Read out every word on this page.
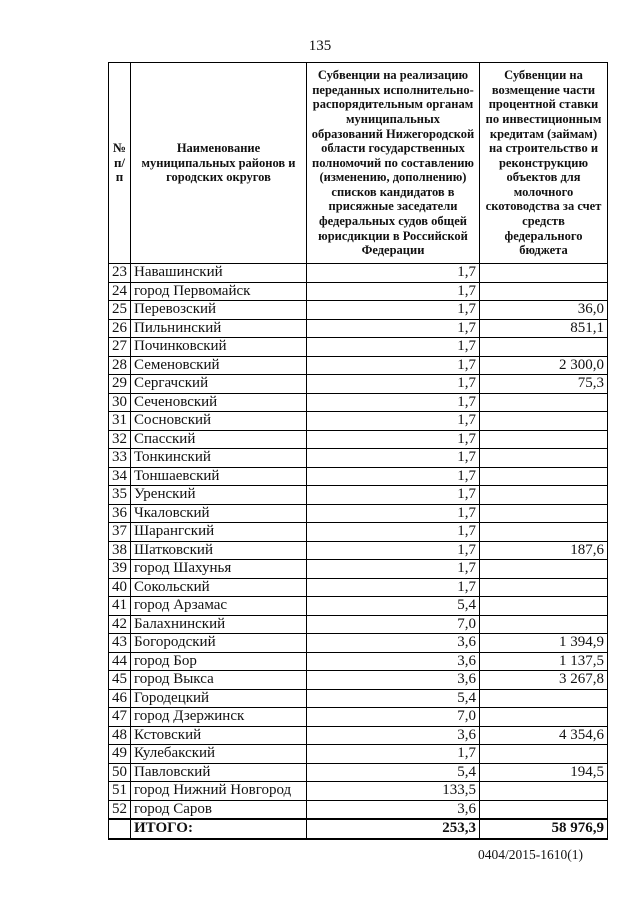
135
№ п/п	Наименование муниципальных районов и городских округов	Субвенции на реализацию переданных исполнительно-распорядительным органам муниципальных образований Нижегородской области государственных полномочий по составлению (изменению, дополнению) списков кандидатов в присяжные заседатели федеральных судов общей юрисдикции в Российской Федерации	Субвенции на возмещение части процентной ставки по инвестиционным кредитам (займам) на строительство и реконструкцию объектов для молочного скотоводства за счет средств федерального бюджета
23	Навашинский	1,7	
24	город Первомайск	1,7	
25	Перевозский	1,7	36,0
26	Пильнинский	1,7	851,1
27	Починковский	1,7	
28	Семеновский	1,7	2 300,0
29	Сергачский	1,7	75,3
30	Сеченовский	1,7	
31	Сосновский	1,7	
32	Спасский	1,7	
33	Тонкинский	1,7	
34	Тоншаевский	1,7	
35	Уренский	1,7	
36	Чкаловский	1,7	
37	Шарангский	1,7	
38	Шатковский	1,7	187,6
39	город Шахунья	1,7	
40	Сокольский	1,7	
41	город Арзамас	5,4	
42	Балахнинский	7,0	
43	Богородский	3,6	1 394,9
44	город Бор	3,6	1 137,5
45	город Выкса	3,6	3 267,8
46	Городецкий	5,4	
47	город Дзержинск	7,0	
48	Кстовский	3,6	4 354,6
49	Кулебакский	1,7	
50	Павловский	5,4	194,5
51	город Нижний Новгород	133,5	
52	город Саров	3,6	
	ИТОГО:	253,3	58 976,9
0404/2015-1610(1)
